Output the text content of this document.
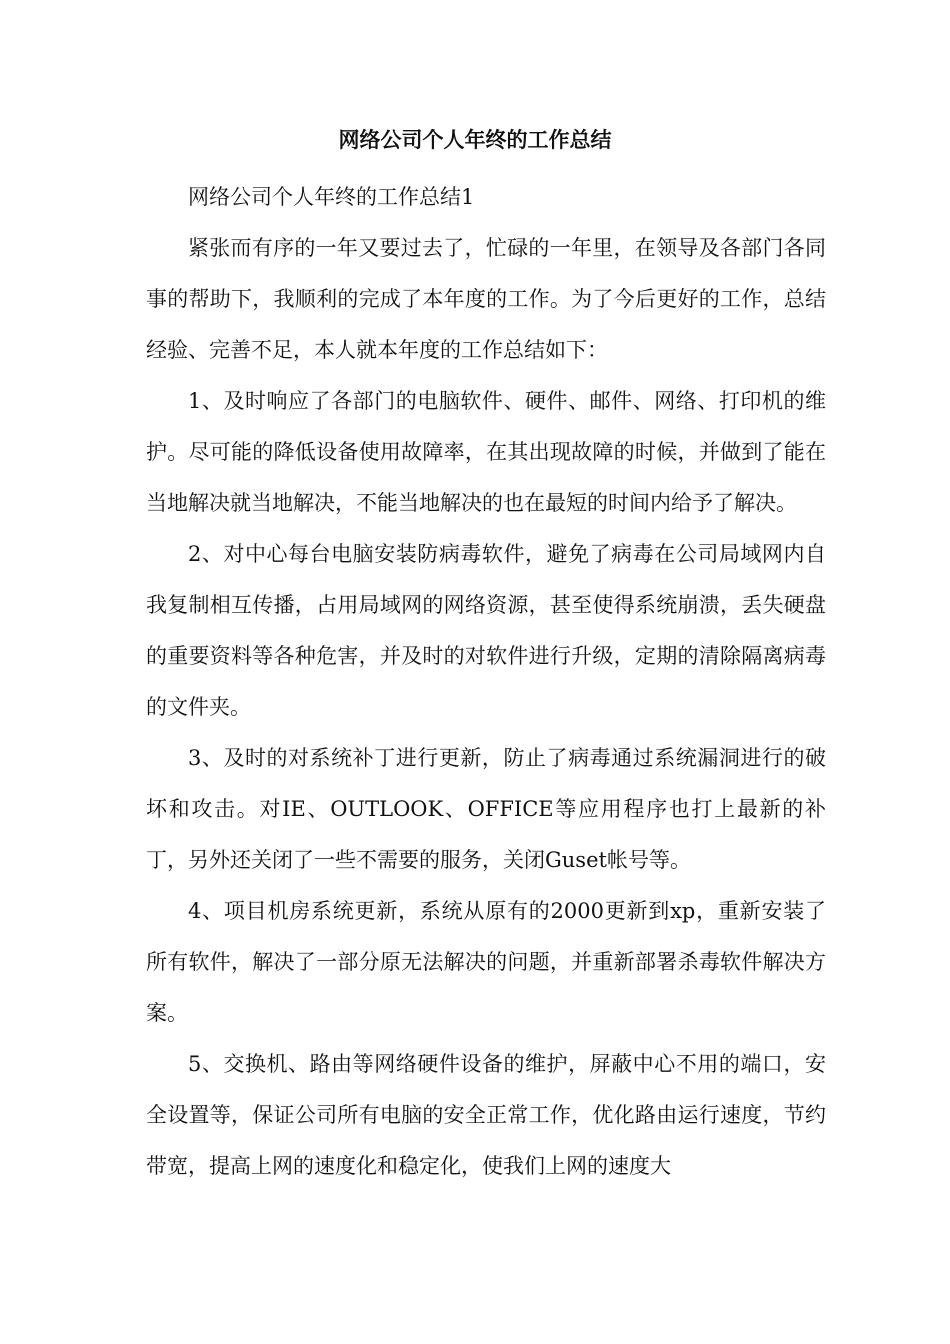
网络公司个人年终的工作总结

网络公司个人年终的工作总结1

紧张而有序的一年又要过去了，忙碌的一年里，在领导及各部门各同事的帮助下，我顺利的完成了本年度的工作。为了今后更好的工作，总结经验、完善不足，本人就本年度的工作总结如下：

1、及时响应了各部门的电脑软件、硬件、邮件、网络、打印机的维护。尽可能的降低设备使用故障率，在其出现故障的时候，并做到了能在当地解决就当地解决，不能当地解决的也在最短的时间内给予了解决。

2、对中心每台电脑安装防病毒软件，避免了病毒在公司局域网内自我复制相互传播，占用局域网的网络资源，甚至使得系统崩溃，丢失硬盘的重要资料等各种危害，并及时的对软件进行升级，定期的清除隔离病毒的文件夹。

3、及时的对系统补丁进行更新，防止了病毒通过系统漏洞进行的破坏和攻击。对IE、OUTLOOK、OFFICE等应用程序也打上最新的补丁，另外还关闭了一些不需要的服务，关闭Guset帐号等。

4、项目机房系统更新，系统从原有的2000更新到xp，重新安装了所有软件，解决了一部分原无法解决的问题，并重新部署杀毒软件解决方案。

5、交换机、路由等网络硬件设备的维护，屏蔽中心不用的端口，安全设置等，保证公司所有电脑的安全正常工作，优化路由运行速度，节约带宽，提高上网的速度化和稳定化，使我们上网的速度大
